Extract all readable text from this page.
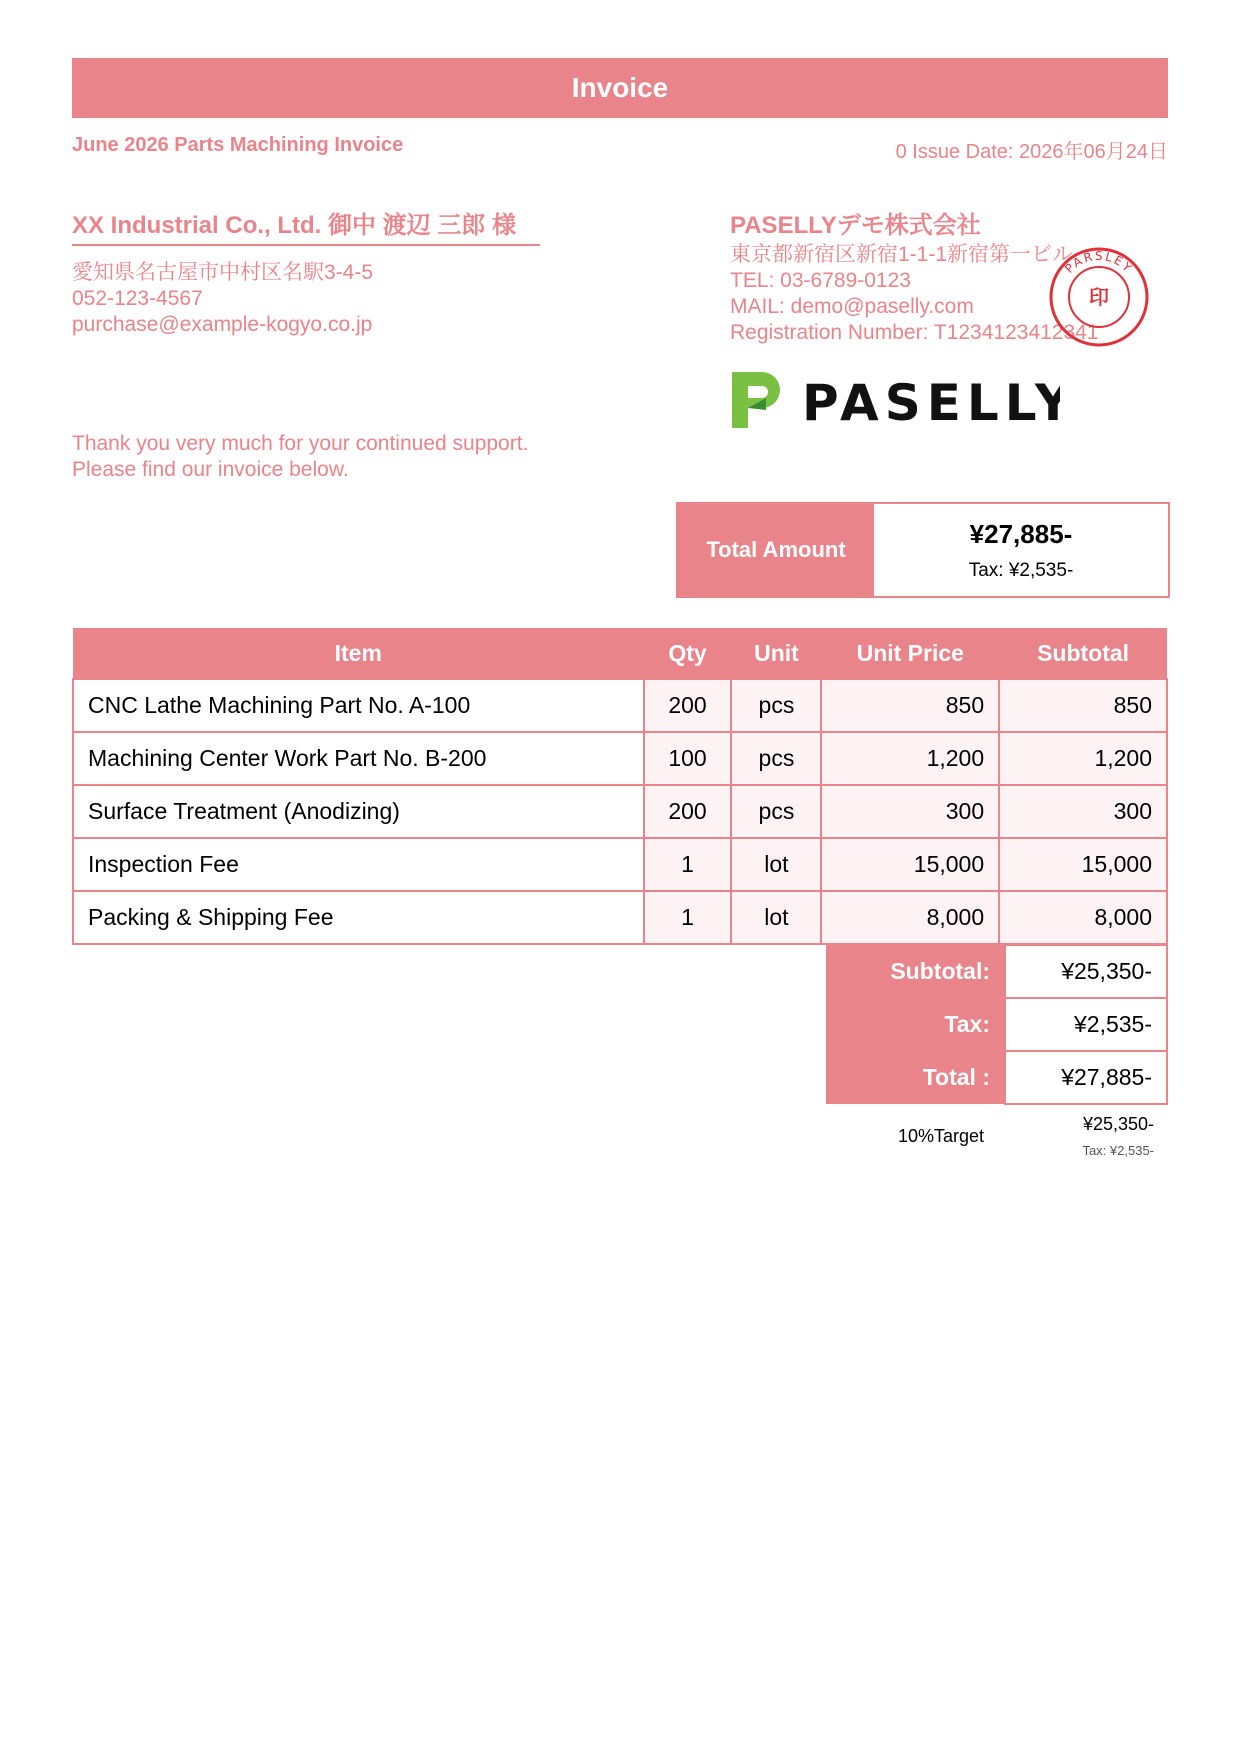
Invoice
June 2026 Parts Machining Invoice	0 Issue Date: 2026年06月24日
XX Industrial Co., Ltd. 御中 渡辺 三郎 様
愛知県名古屋市中村区名駅3-4-5
052-123-4567
purchase@example-kogyo.co.jp
Thank you very much for your continued support.
Please find our invoice below.
PASELLYデモ株式会社
東京都新宿区新宿1-1-1新宿第一ビル
TEL: 03-6789-0123
MAIL: demo@paselly.com
Registration Number: T1234123412341
印
PARSLEY
PASELLY
Total Amount
¥27,885-
Tax: ¥2,535-
Item	Qty	Unit	Unit Price	Subtotal
CNC Lathe Machining Part No. A-100	200	pcs	850	850
Machining Center Work Part No. B-200	100	pcs	1,200	1,200
Surface Treatment (Anodizing)	200	pcs	300	300
Inspection Fee	1	lot	15,000	15,000
Packing & Shipping Fee	1	lot	8,000	8,000
Subtotal:	¥25,350-
Tax:	¥2,535-
Total :	¥27,885-
10%Target
¥25,350-
Tax: ¥2,535-
